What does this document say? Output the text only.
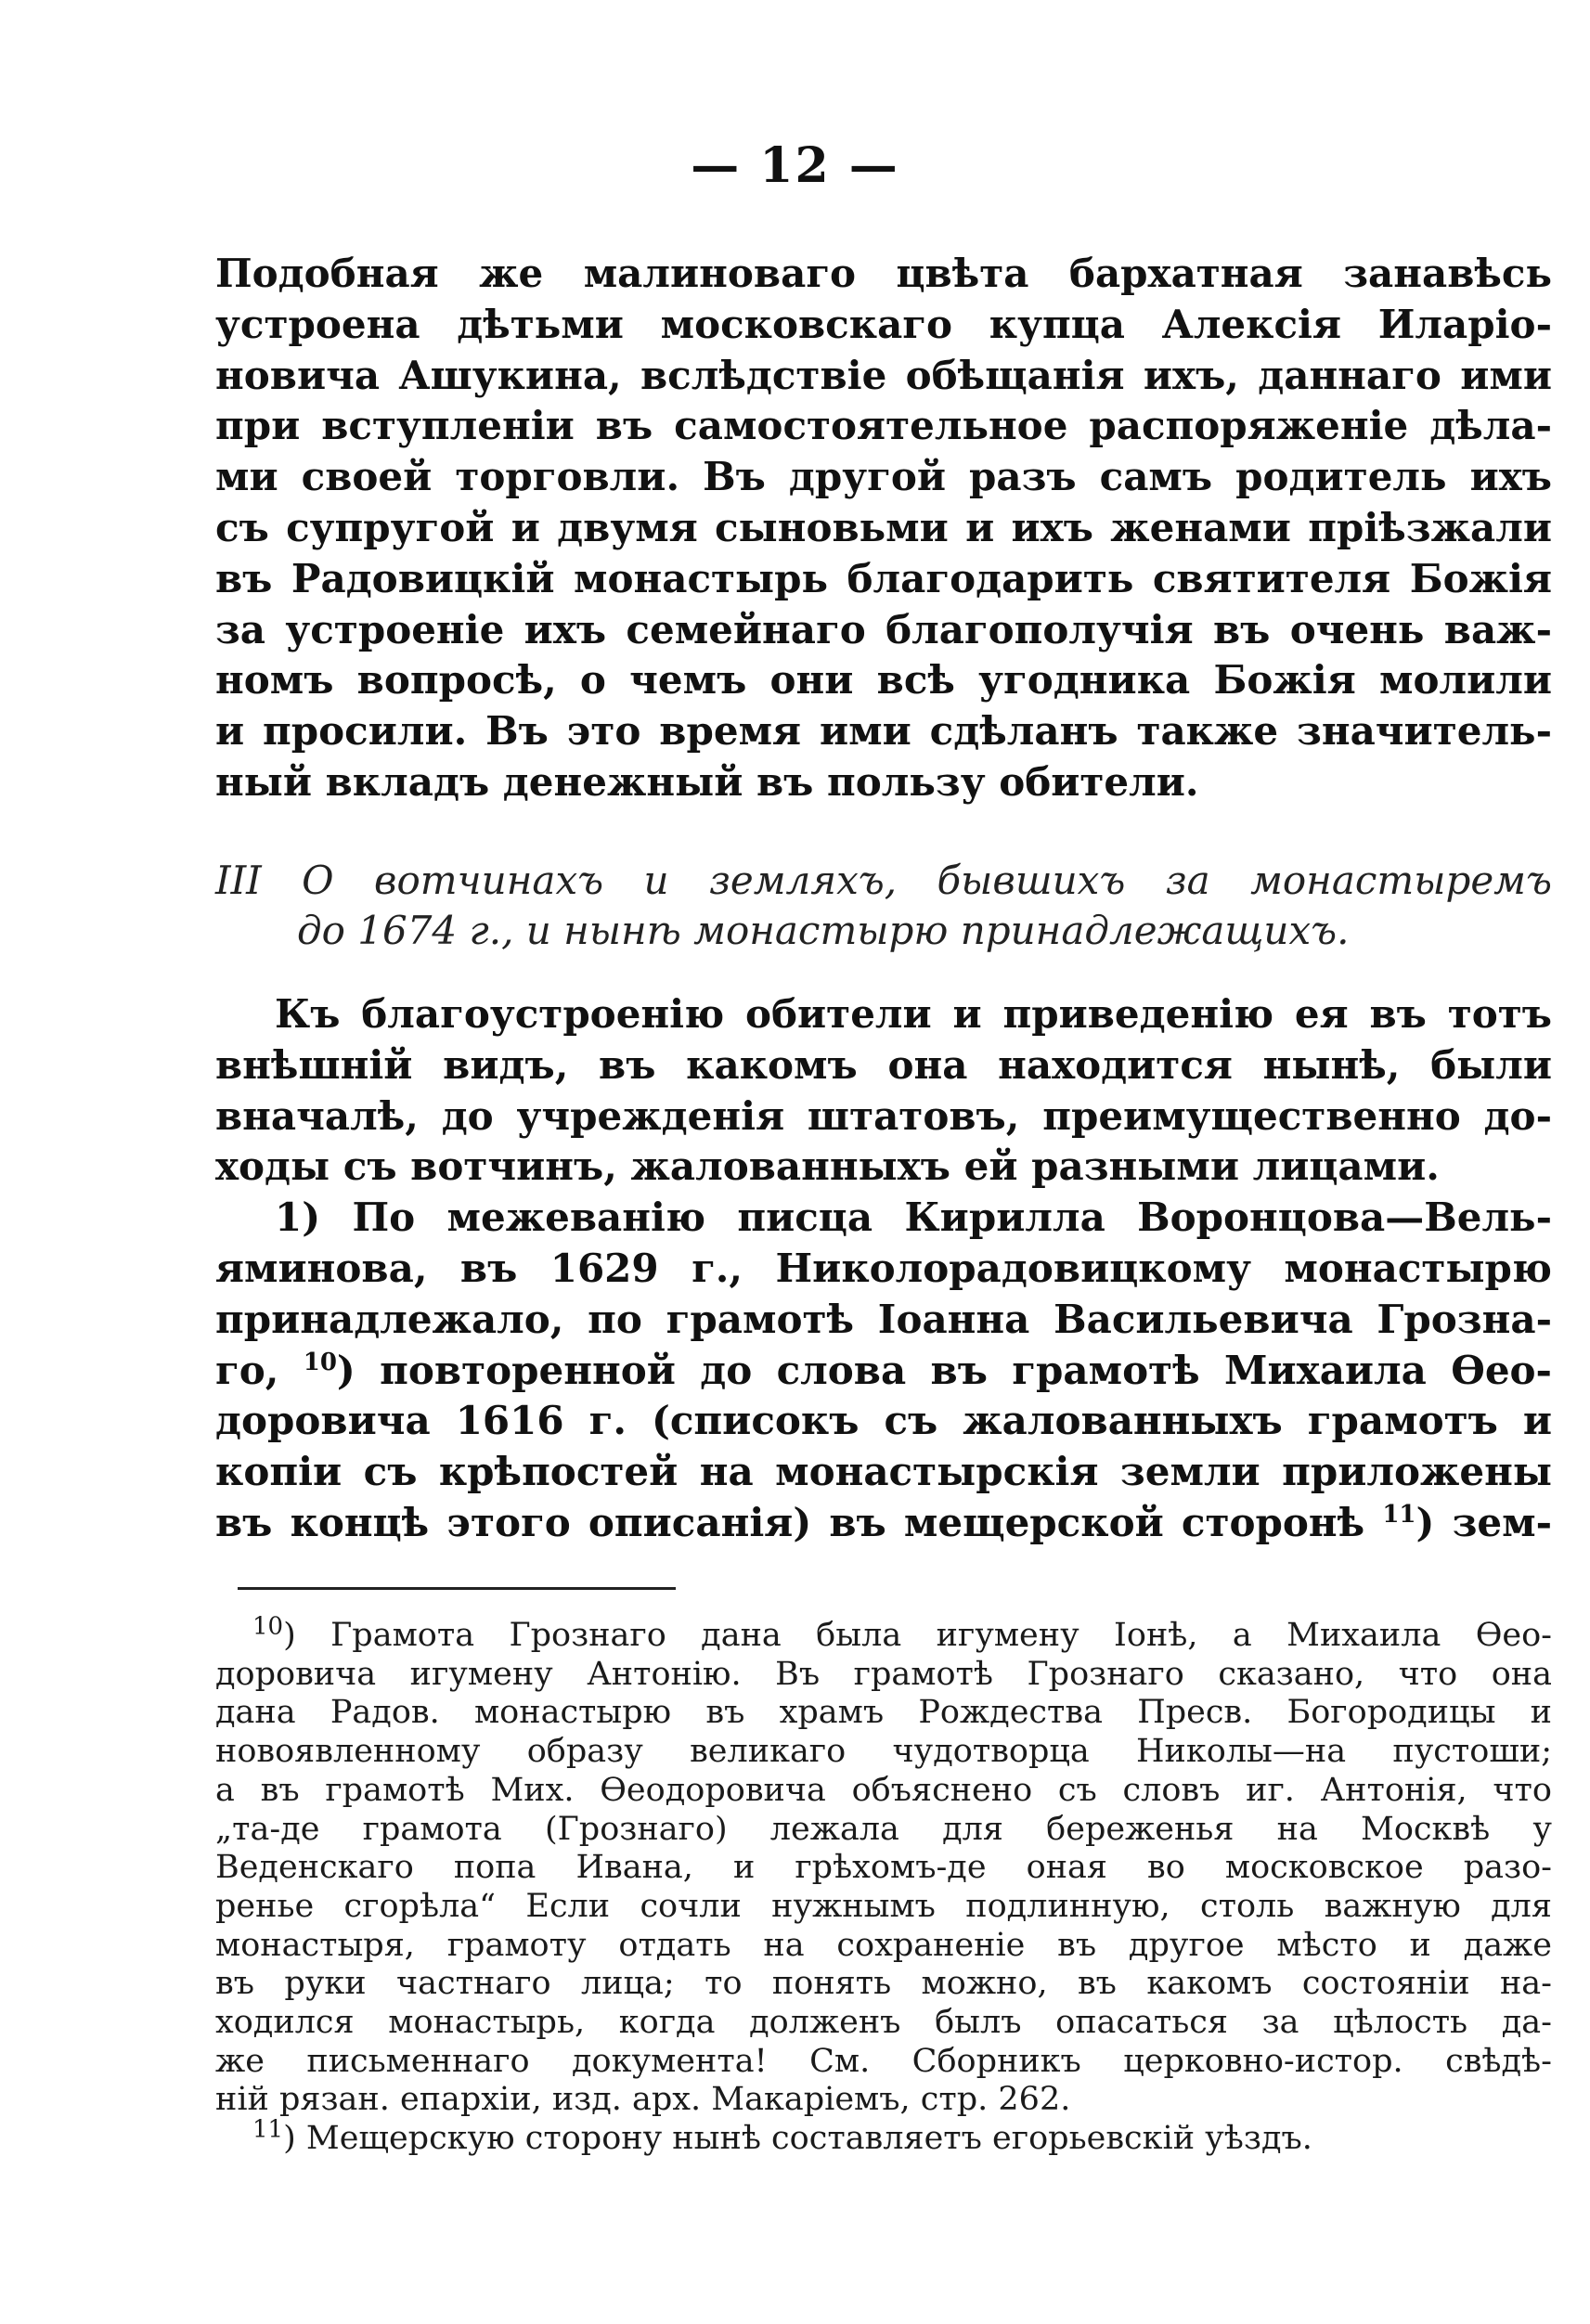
— 12 —
Подобная же малиноваго цвѣта бархатная занавѣсь
устроена дѣтьми московскаго купца Алексія Иларіо-
новича Ашукина, вслѣдствіе обѣщанія ихъ, даннаго ими
при вступленіи въ самостоятельное распоряженіе дѣла-
ми своей торговли. Въ другой разъ самъ родитель ихъ
съ супругой и двумя сыновьми и ихъ женами пріѣзжали
въ Радовицкій монастырь благодарить святителя Божія
за устроеніе ихъ семейнаго благополучія въ очень важ-
номъ вопросѣ, о чемъ они всѣ угодника Божія молили
и просили. Въ это время ими сдѣланъ также значитель-
ный вкладъ денежный въ пользу обители.
III О вотчинахъ и земляхъ, бывшихъ за монастыремъ
до 1674 г., и нынѣ монастырю принадлежащихъ.
Къ благоустроенію обители и приведенію ея въ тотъ
внѣшній видъ, въ какомъ она находится нынѣ, были
вначалѣ, до учрежденія штатовъ, преимущественно до-
ходы съ вотчинъ, жалованныхъ ей разными лицами.
1) По межеванію писца Кирилла Воронцова—Вель-
яминова, въ 1629 г., Николорадовицкому монастырю
принадлежало, по грамотѣ Іоанна Васильевича Грозна-
го, $^{10}$) повторенной до слова въ грамотѣ Михаила Ѳео-
доровича 1616 г. (списокъ съ жалованныхъ грамотъ и
копіи съ крѣпостей на монастырскія земли приложены
въ концѣ этого описанія) въ мещерской сторонѣ $^{11}$) зем-
$^{10}$) Грамота Грознаго дана была игумену Іонѣ, а Михаила Ѳео-
доровича игумену Антонію. Въ грамотѣ Грознаго сказано, что она
дана Радов. монастырю въ храмъ Рождества Пресв. Богородицы и
новоявленному образу великаго чудотворца Николы—на пустоши;
а въ грамотѣ Мих. Ѳеодоровича объяснено съ словъ иг. Антонія, что
„та-де грамота (Грознаго) лежала для береженья на Москвѣ у
Веденскаго попа Ивана, и грѣхомъ-де оная во московское разо-
ренье сгорѣла“ Если сочли нужнымъ подлинную, столь важную для
монастыря, грамоту отдать на сохраненіе въ другое мѣсто и даже
въ руки частнаго лица; то понять можно, въ какомъ состояніи на-
ходился монастырь, когда долженъ былъ опасаться за цѣлость да-
же письменнаго документа! См. Сборникъ церковно-истор. свѣдѣ-
ній рязан. епархіи, изд. арх. Макаріемъ, стр. 262.
$^{11}$) Мещерскую сторону нынѣ составляетъ егорьевскій уѣздъ.
